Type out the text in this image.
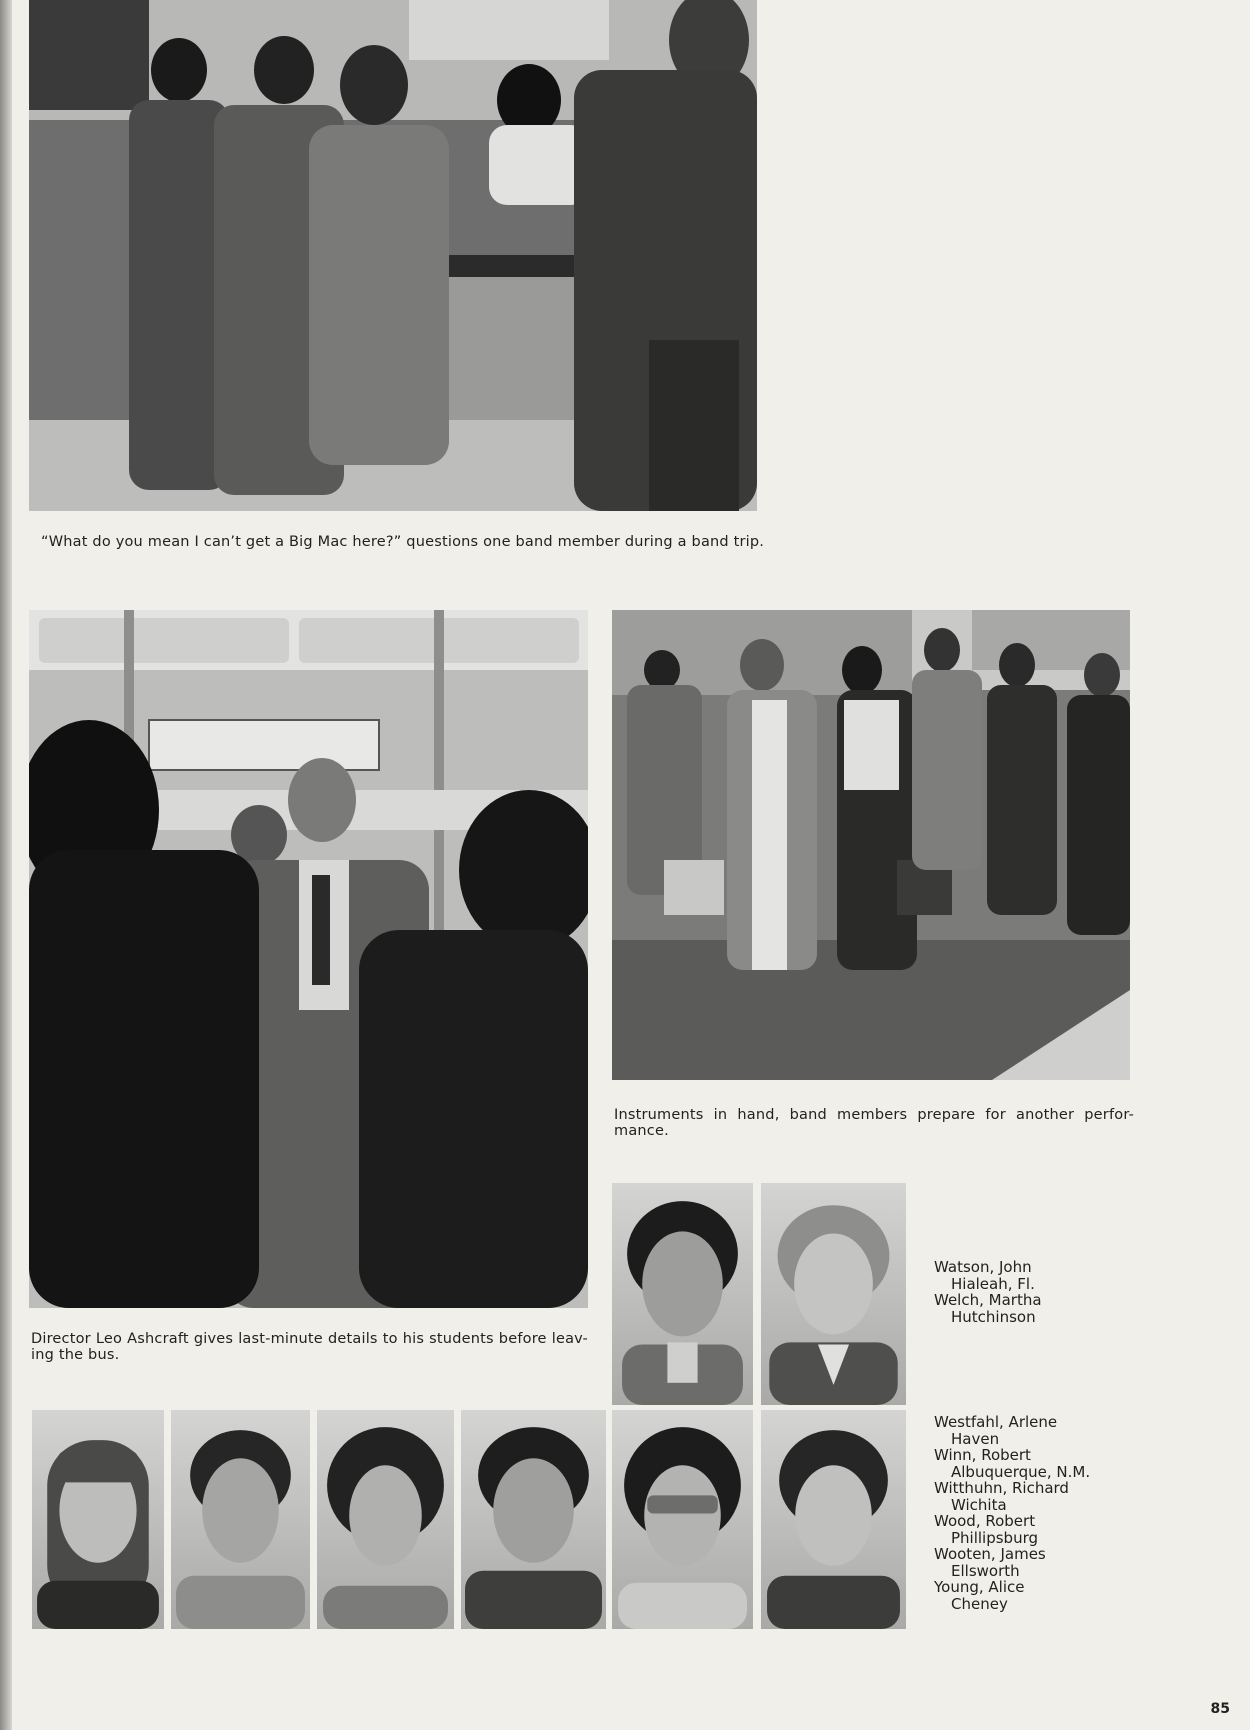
“What do you mean I can’t get a Big Mac here?” questions one band member during a band trip.
Director Leo Ashcraft gives last-minute details to his students before leav-ing the bus.
Instruments in hand, band members prepare for another perfor-mance.
Watson, John
Hialeah, Fl.
Welch, Martha
Hutchinson
Westfahl, Arlene
Haven
Winn, Robert
Albuquerque, N.M.
Witthuhn, Richard
Wichita
Wood, Robert
Phillipsburg
Wooten, James
Ellsworth
Young, Alice
Cheney
85
